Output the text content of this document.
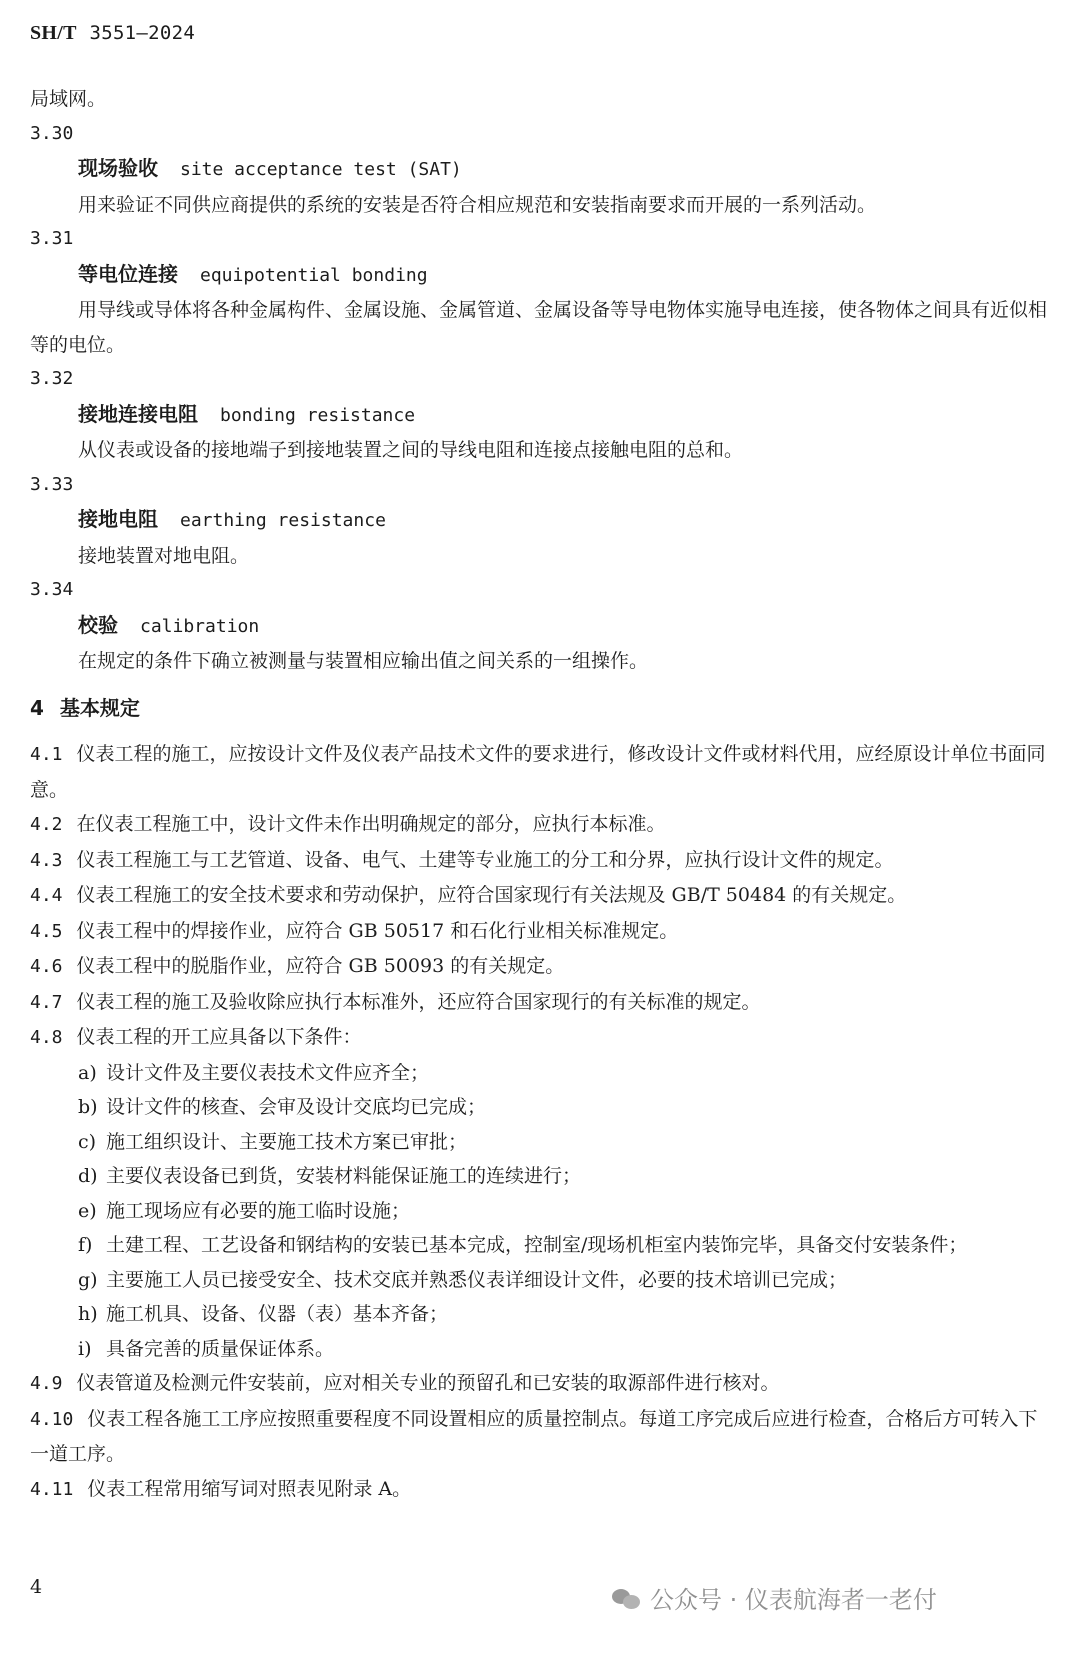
SH/T 3551—2024

局域网。

3.30

现场验收 site acceptance test (SAT)

用来验证不同供应商提供的系统的安装是否符合相应规范和安装指南要求而开展的一系列活动。

3.31

等电位连接 equipotential bonding

用导线或导体将各种金属构件、金属设施、金属管道、金属设备等导电物体实施导电连接，使各物体之间具有近似相等的电位。

3.32

接地连接电阻 bonding resistance

从仪表或设备的接地端子到接地装置之间的导线电阻和连接点接触电阻的总和。

3.33

接地电阻 earthing resistance

接地装置对地电阻。

3.34

校验 calibration

在规定的条件下确立被测量与装置相应输出值之间关系的一组操作。

4 基本规定

4.1 仪表工程的施工，应按设计文件及仪表产品技术文件的要求进行，修改设计文件或材料代用，应经原设计单位书面同意。

4.2 在仪表工程施工中，设计文件未作出明确规定的部分，应执行本标准。

4.3 仪表工程施工与工艺管道、设备、电气、土建等专业施工的分工和分界，应执行设计文件的规定。

4.4 仪表工程施工的安全技术要求和劳动保护，应符合国家现行有关法规及 GB/T 50484 的有关规定。

4.5 仪表工程中的焊接作业，应符合 GB 50517 和石化行业相关标准规定。

4.6 仪表工程中的脱脂作业，应符合 GB 50093 的有关规定。

4.7 仪表工程的施工及验收除应执行本标准外，还应符合国家现行的有关标准的规定。

4.8 仪表工程的开工应具备以下条件：

a) 设计文件及主要仪表技术文件应齐全；
b) 设计文件的核查、会审及设计交底均已完成；
c) 施工组织设计、主要施工技术方案已审批；
d) 主要仪表设备已到货，安装材料能保证施工的连续进行；
e) 施工现场应有必要的施工临时设施；
f) 土建工程、工艺设备和钢结构的安装已基本完成，控制室/现场机柜室内装饰完毕，具备交付安装条件；
g) 主要施工人员已接受安全、技术交底并熟悉仪表详细设计文件，必要的技术培训已完成；
h) 施工机具、设备、仪器（表）基本齐备；
i) 具备完善的质量保证体系。

4.9 仪表管道及检测元件安装前，应对相关专业的预留孔和已安装的取源部件进行核对。

4.10 仪表工程各施工工序应按照重要程度不同设置相应的质量控制点。每道工序完成后应进行检查，合格后方可转入下一道工序。

4.11 仪表工程常用缩写词对照表见附录 A。

4	公众号 · 仪表航海者一老付
